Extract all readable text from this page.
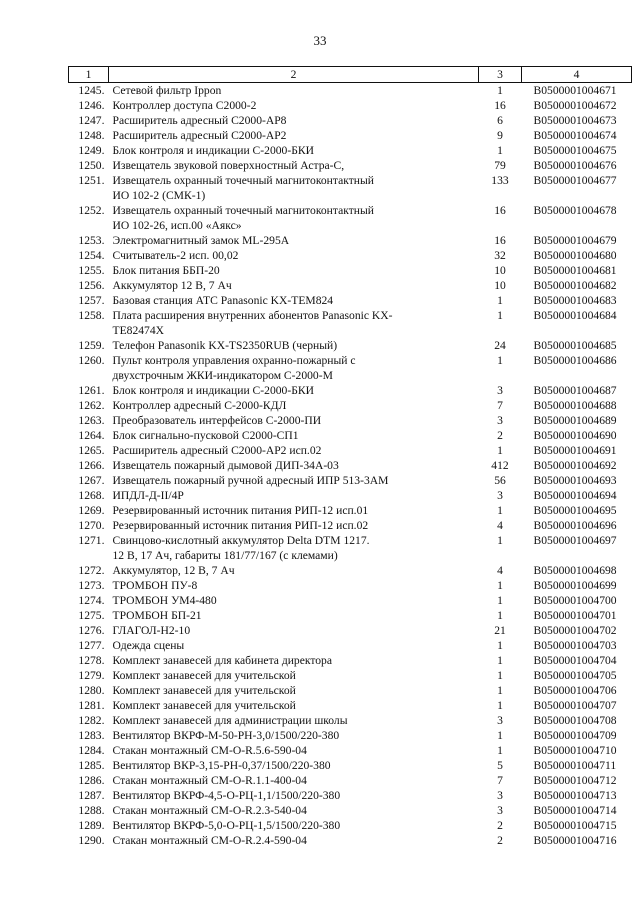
33
1	2	3	4
1245.	Сетевой фильтр Ippon	1	В0500001004671
1246.	Контроллер доступа С2000-2	16	В0500001004672
1247.	Расширитель адресный С2000-АР8	6	В0500001004673
1248.	Расширитель адресный С2000-АР2	9	В0500001004674
1249.	Блок контроля и индикации С-2000-БКИ	1	В0500001004675
1250.	Извещатель звуковой поверхностный Астра-С,	79	В0500001004676
1251.	Извещатель охранный точечный магнитоконтактный
ИО 102-2 (СМК-1)	133	В0500001004677
1252.	Извещатель охранный точечный магнитоконтактный
ИО 102-26, исп.00 «Аякс»	16	В0500001004678
1253.	Электромагнитный замок ML-295А	16	В0500001004679
1254.	Считыватель-2 исп. 00,02	32	В0500001004680
1255.	Блок питания ББП-20	10	В0500001004681
1256.	Аккумулятор 12 В, 7 Ач	10	В0500001004682
1257.	Базовая станция АТС Panasonic KX-TEM824	1	В0500001004683
1258.	Плата расширения внутренних абонентов Panasonic KX-
TE82474X	1	В0500001004684
1259.	Телефон Panasonik KX-TS2350RUB (черный)	24	В0500001004685
1260.	Пульт контроля управления охранно-пожарный с
двухстрочным ЖКИ-индикатором С-2000-М	1	В0500001004686
1261.	Блок контроля и индикации С-2000-БКИ	3	В0500001004687
1262.	Контроллер адресный С-2000-КДЛ	7	В0500001004688
1263.	Преобразователь интерфейсов С-2000-ПИ	3	В0500001004689
1264.	Блок сигнально-пусковой С2000-СП1	2	В0500001004690
1265.	Расширитель адресный С2000-АР2 исп.02	1	В0500001004691
1266.	Извещатель пожарный дымовой ДИП-34А-03	412	В0500001004692
1267.	Извещатель пожарный ручной адресный ИПР 513-3АМ	56	В0500001004693
1268.	ИПДЛ-Д-II/4Р	3	В0500001004694
1269.	Резервированный источник питания РИП-12 исп.01	1	В0500001004695
1270.	Резервированный источник питания РИП-12 исп.02	4	В0500001004696
1271.	Свинцово-кислотный аккумулятор Delta DTM 1217.
12 В, 17 Ач, габариты 181/77/167 (с клемами)	1	В0500001004697
1272.	Аккумулятор, 12 В, 7 Ач	4	В0500001004698
1273.	ТРОМБОН ПУ-8	1	В0500001004699
1274.	ТРОМБОН УМ4-480	1	В0500001004700
1275.	ТРОМБОН БП-21	1	В0500001004701
1276.	ГЛАГОЛ-Н2-10	21	В0500001004702
1277.	Одежда сцены	1	В0500001004703
1278.	Комплект занавесей для кабинета директора	1	В0500001004704
1279.	Комплект занавесей для учительской	1	В0500001004705
1280.	Комплект занавесей для учительской	1	В0500001004706
1281.	Комплект занавесей для учительской	1	В0500001004707
1282.	Комплект занавесей для администрации школы	3	В0500001004708
1283.	Вентилятор ВКРФ-М-50-РН-3,0/1500/220-380	1	В0500001004709
1284.	Стакан монтажный СМ-О-R.5.6-590-04	1	В0500001004710
1285.	Вентилятор ВКР-3,15-РН-0,37/1500/220-380	5	В0500001004711
1286.	Стакан монтажный СМ-О-R.1.1-400-04	7	В0500001004712
1287.	Вентилятор ВКРФ-4,5-О-РЦ-1,1/1500/220-380	3	В0500001004713
1288.	Стакан монтажный СМ-О-R.2.3-540-04	3	В0500001004714
1289.	Вентилятор ВКРФ-5,0-О-РЦ-1,5/1500/220-380	2	В0500001004715
1290.	Стакан монтажный СМ-О-R.2.4-590-04	2	В0500001004716
